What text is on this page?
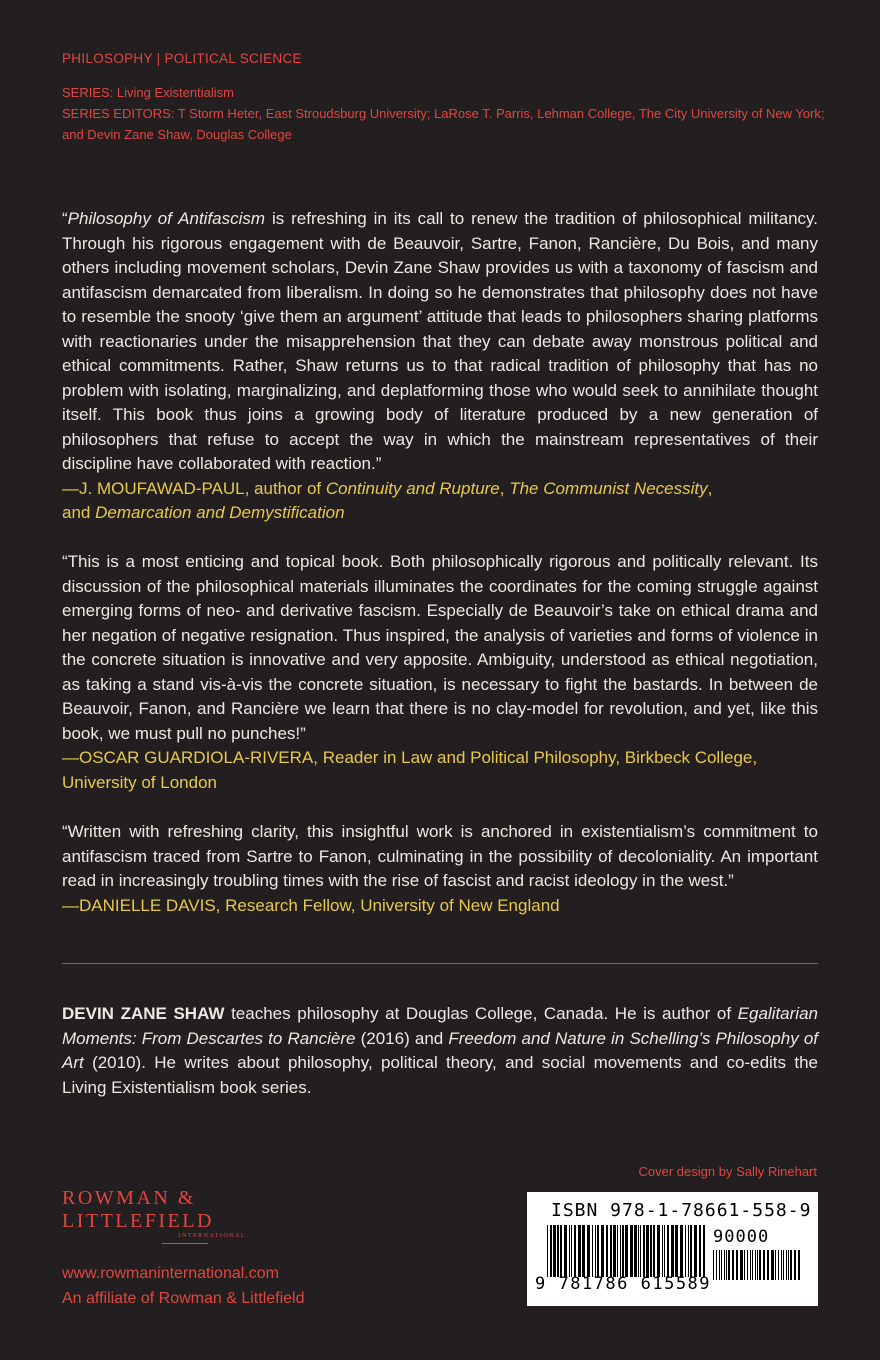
PHILOSOPHY | POLITICAL SCIENCE
SERIES: Living Existentialism
SERIES EDITORS: T Storm Heter, East Stroudsburg University; LaRose T. Parris, Lehman College, The City University of New York;
and Devin Zane Shaw, Douglas College

“Philosophy of Antifascism is refreshing in its call to renew the tradition of philosophical militancy. Through his rigorous engagement with de Beauvoir, Sartre, Fanon, Rancière, Du Bois, and many others including movement scholars, Devin Zane Shaw provides us with a taxonomy of fascism and antifascism demarcated from liberalism. In doing so he demonstrates that philosophy does not have to resemble the snooty ‘give them an argument’ attitude that leads to philosophers sharing platforms with reactionaries under the misapprehension that they can debate away monstrous political and ethical commitments. Rather, Shaw returns us to that radical tradition of philosophy that has no problem with isolating, marginalizing, and deplatforming those who would seek to annihilate thought itself. This book thus joins a growing body of literature produced by a new generation of philosophers that refuse to accept the way in which the mainstream representatives of their discipline have collaborated with reaction.”

—J. MOUFAWAD-PAUL, author of Continuity and Rupture, The Communist Necessity,
and Demarcation and Demystification

“This is a most enticing and topical book. Both philosophically rigorous and politically relevant. Its discussion of the philosophical materials illuminates the coordinates for the coming struggle against emerging forms of neo- and derivative fascism. Especially de Beauvoir’s take on ethical drama and her negation of negative resignation. Thus inspired, the analysis of varieties and forms of violence in the concrete situation is innovative and very apposite. Ambiguity, understood as ethical negotiation, as taking a stand vis-à-vis the concrete situation, is necessary to fight the bastards. In between de Beauvoir, Fanon, and Rancière we learn that there is no clay-model for revolution, and yet, like this book, we must pull no punches!”

—OSCAR GUARDIOLA-RIVERA, Reader in Law and Political Philosophy, Birkbeck College,
University of London

“Written with refreshing clarity, this insightful work is anchored in existentialism’s commitment to antifascism traced from Sartre to Fanon, culminating in the possibility of decoloniality. An important read in increasingly troubling times with the rise of fascist and racist ideology in the west.”

—DANIELLE DAVIS, Research Fellow, University of New England
DEVIN ZANE SHAW teaches philosophy at Douglas College, Canada. He is author of Egalitarian Moments: From Descartes to Rancière (2016) and Freedom and Nature in Schelling’s Philosophy of Art (2010). He writes about philosophy, political theory, and social movements and co-edits the Living Existentialism book series.
Cover design by Sally Rinehart
ROWMAN &
LITTLEFIELD
INTERNATIONAL
www.rowmaninternational.com
An affiliate of Rowman & Littlefield
ISBN 978-1-78661-558-9
90000
9 781786 615589
